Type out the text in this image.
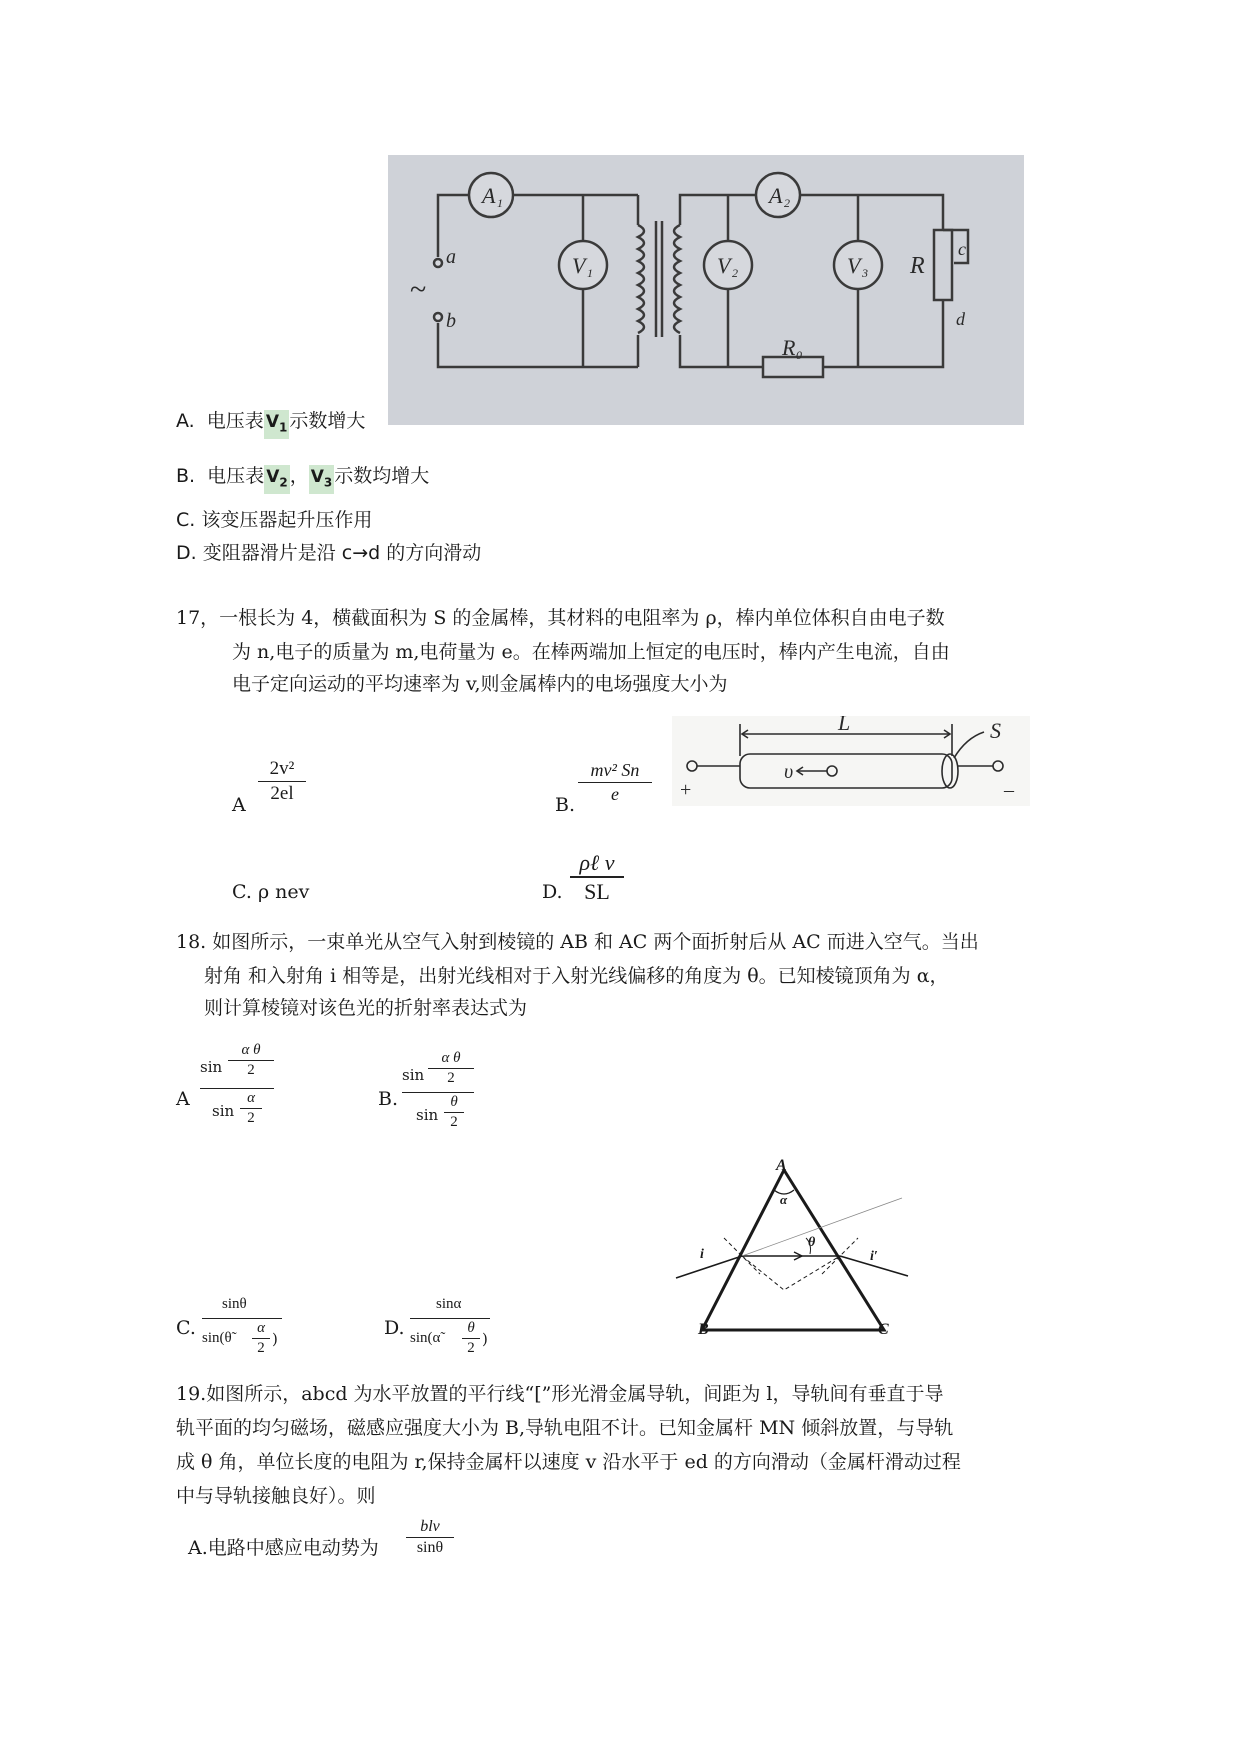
A 1	A 2
V 1	V 2	V 3 R
R 0
a
b
c
d
~
A. 电压表 $V_1$ 示数增大
B. 电压表 $V_2$ ， $V_3$ 示数均增大
C. 该变压器起升压作用
D. 变阻器滑片是沿 c→d 的方向滑动
17，一根长为 4，横截面积为 S 的金属棒，其材料的电阻率为 ρ，棒内单位体积自由电子数
为 n,电子的质量为 m,电荷量为 e。在棒两端加上恒定的电压时，棒内产生电流，自由
电子定向运动的平均速率为 v,则金属棒内的电场强度大小为
A
2v²
2el
B.
mv² Sn
e
L	S
υ
+	–
C. ρ nev	D.
ρℓ v
SL
18. 如图所示，一束单光从空气入射到棱镜的 AB 和 AC 两个面折射后从 AC 而进入空气。当出
射角 和入射角 i 相等是，出射光线相对于入射光线偏移的角度为 θ。已知棱镜顶角为 α，
则计算棱镜对该色光的折射率表达式为
A
sin
α θ
2
sin
α
2
B.
sin
α θ
2
sin
θ
2
A
α
θ
B	C
i	i′
C.
sinθ
sin(θ̃
α
2
)	D.
sinα
sin(α̃
θ
2
)
19.如图所示，abcd 为水平放置的平行线“[”形光滑金属导轨，间距为 l，导轨间有垂直于导
轨平面的均匀磁场，磁感应强度大小为 B,导轨电阻不计。已知金属杆 MN 倾斜放置，与导轨
成 θ 角，单位长度的电阻为 r,保持金属杆以速度 v 沿水平于 ed 的方向滑动（金属杆滑动过程
中与导轨接触良好）。则
A.电路中感应电动势为
blv
sinθ
